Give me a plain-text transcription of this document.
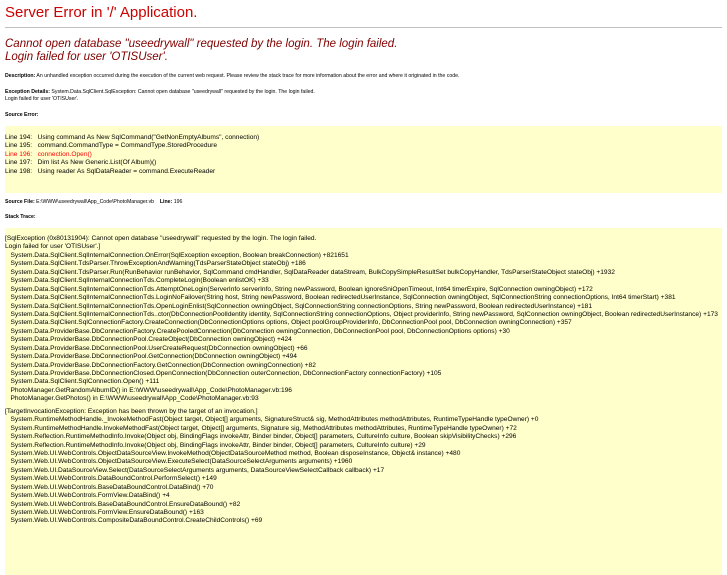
Server Error in '/' Application.
Cannot open database "useedrywall" requested by the login. The login failed.
Login failed for user 'OTISUser'.
Description: An unhandled exception occurred during the execution of the current web request. Please review the stack trace for more information about the error and where it originated in the code.
Exception Details: System.Data.SqlClient.SqlException: Cannot open database "useedrywall" requested by the login. The login failed.
Login failed for user 'OTISUser'.
Source Error:
Line 194:   Using command As New SqlCommand("GetNonEmptyAlbums", connection)
Line 195:   command.CommandType = CommandType.StoredProcedure
Line 196:   connection.Open()
Line 197:   Dim list As New Generic.List(Of Album)()
Line 198:   Using reader As SqlDataReader = command.ExecuteReader
Source File: E:\WWW\useedrywall\App_Code\PhotoManager.vb Line: 196
Stack Trace:
[SqlException (0x80131904): Cannot open database "useedrywall" requested by the login. The login failed.
Login failed for user 'OTISUser'.]
System.Data.SqlClient.SqlInternalConnection.OnError(SqlException exception, Boolean breakConnection) +821651
System.Data.SqlClient.TdsParser.ThrowExceptionAndWarning(TdsParserStateObject stateObj) +186
System.Data.SqlClient.TdsParser.Run(RunBehavior runBehavior, SqlCommand cmdHandler, SqlDataReader dataStream, BulkCopySimpleResultSet bulkCopyHandler, TdsParserStateObject stateObj) +1932
System.Data.SqlClient.SqlInternalConnectionTds.CompleteLogin(Boolean enlistOK) +33
System.Data.SqlClient.SqlInternalConnectionTds.AttemptOneLogin(ServerInfo serverInfo, String newPassword, Boolean ignoreSniOpenTimeout, Int64 timerExpire, SqlConnection owningObject) +172
System.Data.SqlClient.SqlInternalConnectionTds.LoginNoFailover(String host, String newPassword, Boolean redirectedUserInstance, SqlConnection owningObject, SqlConnectionString connectionOptions, Int64 timerStart) +381
System.Data.SqlClient.SqlInternalConnectionTds.OpenLoginEnlist(SqlConnection owningObject, SqlConnectionString connectionOptions, String newPassword, Boolean redirectedUserInstance) +181
System.Data.SqlClient.SqlInternalConnectionTds..ctor(DbConnectionPoolIdentity identity, SqlConnectionString connectionOptions, Object providerInfo, String newPassword, SqlConnection owningObject, Boolean redirectedUserInstance) +173
System.Data.SqlClient.SqlConnectionFactory.CreateConnection(DbConnectionOptions options, Object poolGroupProviderInfo, DbConnectionPool pool, DbConnection owningConnection) +357
System.Data.ProviderBase.DbConnectionFactory.CreatePooledConnection(DbConnection owningConnection, DbConnectionPool pool, DbConnectionOptions options) +30
System.Data.ProviderBase.DbConnectionPool.CreateObject(DbConnection owningObject) +424
System.Data.ProviderBase.DbConnectionPool.UserCreateRequest(DbConnection owningObject) +66
System.Data.ProviderBase.DbConnectionPool.GetConnection(DbConnection owningObject) +494
System.Data.ProviderBase.DbConnectionFactory.GetConnection(DbConnection owningConnection) +82
System.Data.ProviderBase.DbConnectionClosed.OpenConnection(DbConnection outerConnection, DbConnectionFactory connectionFactory) +105
System.Data.SqlClient.SqlConnection.Open() +111
PhotoManager.GetRandomAlbumID() in E:\WWW\useedrywall\App_Code\PhotoManager.vb:196
PhotoManager.GetPhotos() in E:\WWW\useedrywall\App_Code\PhotoManager.vb:93
[TargetInvocationException: Exception has been thrown by the target of an invocation.]
System.RuntimeMethodHandle._InvokeMethodFast(Object target, Object[] arguments, SignatureStruct& sig, MethodAttributes methodAttributes, RuntimeTypeHandle typeOwner) +0
System.RuntimeMethodHandle.InvokeMethodFast(Object target, Object[] arguments, Signature sig, MethodAttributes methodAttributes, RuntimeTypeHandle typeOwner) +72
System.Reflection.RuntimeMethodInfo.Invoke(Object obj, BindingFlags invokeAttr, Binder binder, Object[] parameters, CultureInfo culture, Boolean skipVisibilityChecks) +296
System.Reflection.RuntimeMethodInfo.Invoke(Object obj, BindingFlags invokeAttr, Binder binder, Object[] parameters, CultureInfo culture) +29
System.Web.UI.WebControls.ObjectDataSourceView.InvokeMethod(ObjectDataSourceMethod method, Boolean disposeInstance, Object& instance) +480
System.Web.UI.WebControls.ObjectDataSourceView.ExecuteSelect(DataSourceSelectArguments arguments) +1960
System.Web.UI.DataSourceView.Select(DataSourceSelectArguments arguments, DataSourceViewSelectCallback callback) +17
System.Web.UI.WebControls.DataBoundControl.PerformSelect() +149
System.Web.UI.WebControls.BaseDataBoundControl.DataBind() +70
System.Web.UI.WebControls.FormView.DataBind() +4
System.Web.UI.WebControls.BaseDataBoundControl.EnsureDataBound() +82
System.Web.UI.WebControls.FormView.EnsureDataBound() +163
System.Web.UI.WebControls.CompositeDataBoundControl.CreateChildControls() +69
